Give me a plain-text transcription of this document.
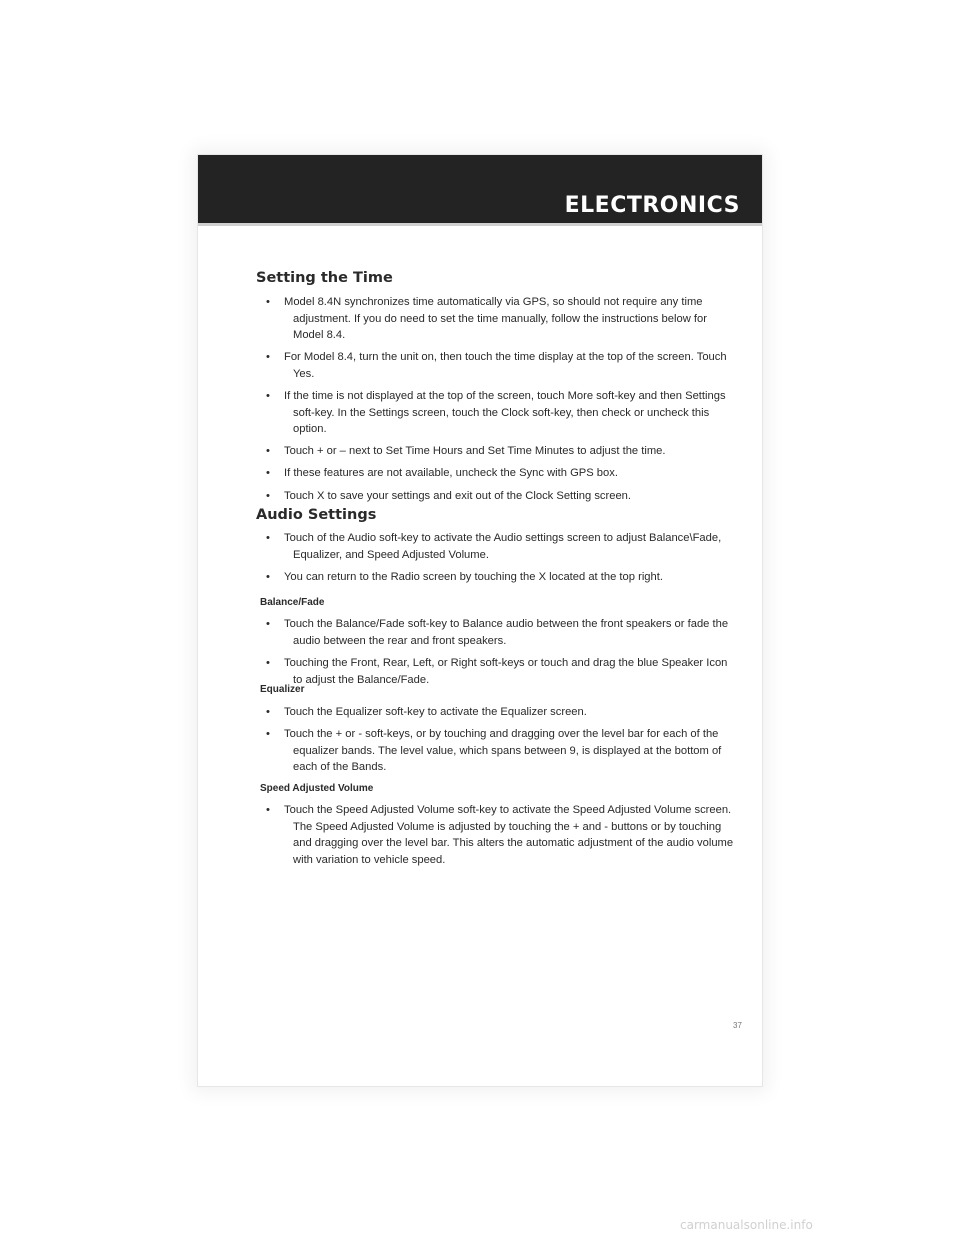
ELECTRONICS
Setting the Time
• Model 8.4N synchronizes time automatically via GPS, so should not require any time adjustment. If you do need to set the time manually, follow the instructions below for Model 8.4.
• For Model 8.4, turn the unit on, then touch the time display at the top of the screen. Touch Yes.
• If the time is not displayed at the top of the screen, touch More soft-key and then Settings soft-key. In the Settings screen, touch the Clock soft-key, then check or uncheck this option.
• Touch + or – next to Set Time Hours and Set Time Minutes to adjust the time.
• If these features are not available, uncheck the Sync with GPS box.
• Touch X to save your settings and exit out of the Clock Setting screen.
Audio Settings
• Touch of the Audio soft-key to activate the Audio settings screen to adjust Balance\Fade, Equalizer, and Speed Adjusted Volume.
• You can return to the Radio screen by touching the X located at the top right.
Balance/Fade
• Touch the Balance/Fade soft-key to Balance audio between the front speakers or fade the audio between the rear and front speakers.
• Touching the Front, Rear, Left, or Right soft-keys or touch and drag the blue Speaker Icon to adjust the Balance/Fade.
Equalizer
• Touch the Equalizer soft-key to activate the Equalizer screen.
• Touch the + or - soft-keys, or by touching and dragging over the level bar for each of the equalizer bands. The level value, which spans between 9, is displayed at the bottom of each of the Bands.
Speed Adjusted Volume
• Touch the Speed Adjusted Volume soft-key to activate the Speed Adjusted Volume screen. The Speed Adjusted Volume is adjusted by touching the + and - buttons or by touching and dragging over the level bar. This alters the automatic adjustment of the audio volume with variation to vehicle speed.
37
carmanualsonline.info
